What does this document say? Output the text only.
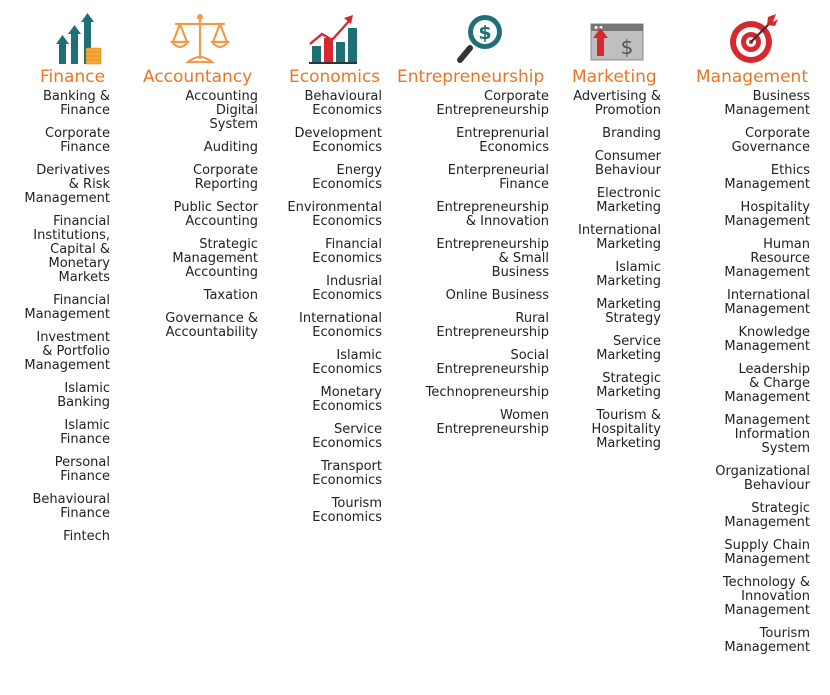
Finance
Banking &
Finance
Corporate
Finance
Derivatives
& Risk
Management
Financial
Institutions,
Capital &
Monetary
Markets
Financial
Management
Investment
& Portfolio
Management
Islamic
Banking
Islamic
Finance
Personal
Finance
Behavioural
Finance
Fintech
Accountancy
Accounting
Digital
System
Auditing
Corporate
Reporting
Public Sector
Accounting
Strategic
Management
Accounting
Taxation
Governance &
Accountability
Economics
Behavioural
Economics
Development
Economics
Energy
Economics
Environmental
Economics
Financial
Economics
Indusrial
Economics
International
Economics
Islamic
Economics
Monetary
Economics
Service
Economics
Transport
Economics
Tourism
Economics
$
Entrepreneurship
Corporate
Entrepreneurship
Entreprenurial
Economics
Enterpreneurial
Finance
Entrepreneurship
& Innovation
Entrepreneurship
& Small
Business
Online Business
Rural
Entrepreneurship
Social
Entrepreneurship
Technopreneurship
Women
Entrepreneurship
$
Marketing
Advertising &
Promotion
Branding
Consumer
Behaviour
Electronic
Marketing
International
Marketing
Islamic
Marketing
Marketing
Strategy
Service
Marketing
Strategic
Marketing
Tourism &
Hospitality
Marketing
Management
Business
Management
Corporate
Governance
Ethics
Management
Hospitality
Management
Human
Resource
Management
International
Management
Knowledge
Management
Leadership
& Charge
Management
Management
Information
System
Organizational
Behaviour
Strategic
Management
Supply Chain
Management
Technology &
Innovation
Management
Tourism
Management
